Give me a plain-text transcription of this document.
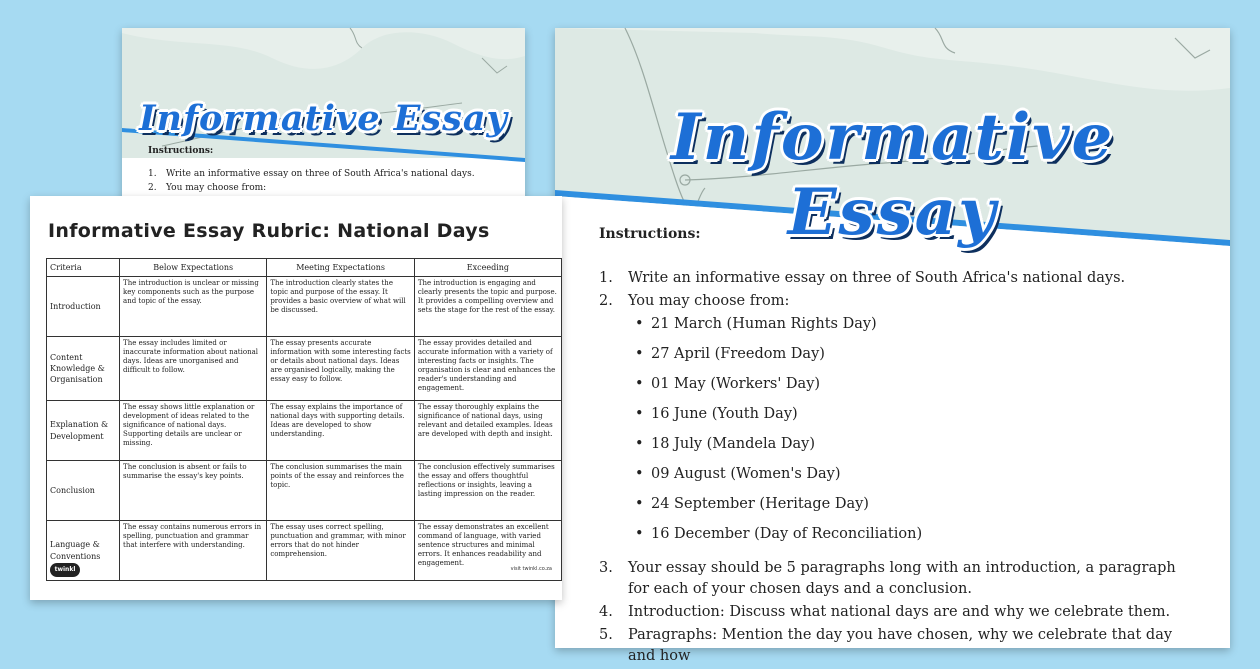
Informative Essay
Instructions:
1. Write an informative essay on three of South Africa's national days.
2. You may choose from:
Informative Essay
Instructions:
1. Write an informative essay on three of South Africa's national days.
2. You may choose from:
• 21 March (Human Rights Day)
• 27 April (Freedom Day)
• 01 May (Workers' Day)
• 16 June (Youth Day)
• 18 July (Mandela Day)
• 09 August (Women's Day)
• 24 September (Heritage Day)
• 16 December (Day of Reconciliation)
3. Your essay should be 5 paragraphs long with an introduction, a paragraph for each of your chosen days and a conclusion.
4. Introduction: Discuss what national days are and why we celebrate them.
5. Paragraphs: Mention the day you have chosen, why we celebrate that day and how
Informative Essay Rubric: National Days
Criteria	Below Expectations	Meeting Expectations	Exceeding
Introduction	The introduction is unclear or missing key components such as the purpose and topic of the essay.	The introduction clearly states the topic and purpose of the essay. It provides a basic overview of what will be discussed.	The introduction is engaging and clearly presents the topic and purpose. It provides a compelling overview and sets the stage for the rest of the essay.
Content Knowledge & Organisation	The essay includes limited or inaccurate information about national days. Ideas are unorganised and difficult to follow.	The essay presents accurate information with some interesting facts or details about national days. Ideas are organised logically, making the essay easy to follow.	The essay provides detailed and accurate information with a variety of interesting facts or insights. The organisation is clear and enhances the reader's understanding and engagement.
Explanation & Development	The essay shows little explanation or development of ideas related to the significance of national days. Supporting details are unclear or missing.	The essay explains the importance of national days with supporting details. Ideas are developed to show understanding.	The essay thoroughly explains the significance of national days, using relevant and detailed examples. Ideas are developed with depth and insight.
Conclusion	The conclusion is absent or fails to summarise the essay's key points.	The conclusion summarises the main points of the essay and reinforces the topic.	The conclusion effectively summarises the essay and offers thoughtful reflections or insights, leaving a lasting impression on the reader.
Language & Conventions	The essay contains numerous errors in spelling, punctuation and grammar that interfere with understanding.	The essay uses correct spelling, punctuation and grammar, with minor errors that do not hinder comprehension.	The essay demonstrates an excellent command of language, with varied sentence structures and minimal errors. It enhances readability and engagement.
twinkl	visit twinkl.co.za
